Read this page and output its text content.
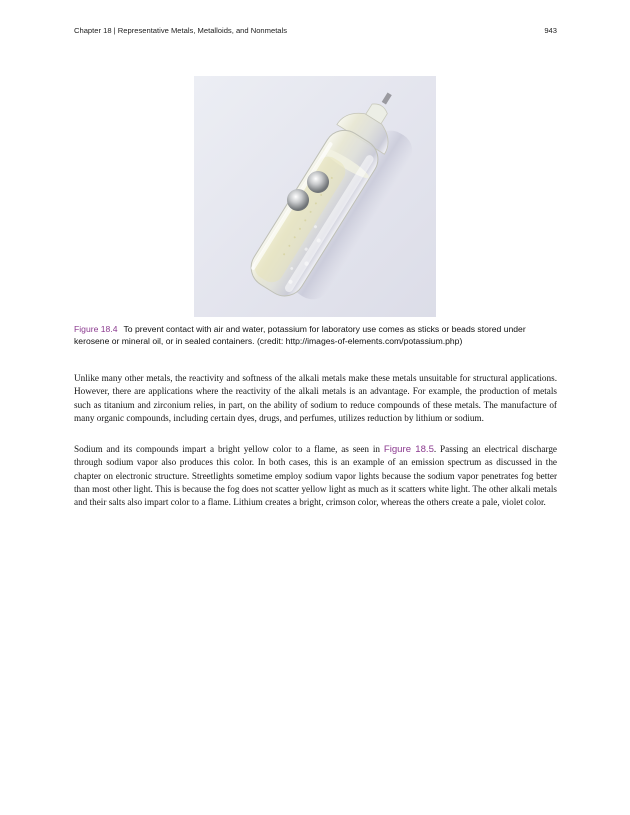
Chapter 18 | Representative Metals, Metalloids, and Nonmetals	943
Figure 18.4 To prevent contact with air and water, potassium for laboratory use comes as sticks or beads stored under kerosene or mineral oil, or in sealed containers. (credit: http://images-of-elements.com/potassium.php)

Unlike many other metals, the reactivity and softness of the alkali metals make these metals unsuitable for structural applications. However, there are applications where the reactivity of the alkali metals is an advantage. For example, the production of metals such as titanium and zirconium relies, in part, on the ability of sodium to reduce compounds of these metals. The manufacture of many organic compounds, including certain dyes, drugs, and perfumes, utilizes reduction by lithium or sodium.

Sodium and its compounds impart a bright yellow color to a flame, as seen in Figure 18.5. Passing an electrical discharge through sodium vapor also produces this color. In both cases, this is an example of an emission spectrum as discussed in the chapter on electronic structure. Streetlights sometime employ sodium vapor lights because the sodium vapor penetrates fog better than most other light. This is because the fog does not scatter yellow light as much as it scatters white light. The other alkali metals and their salts also impart color to a flame. Lithium creates a bright, crimson color, whereas the others create a pale, violet color.
